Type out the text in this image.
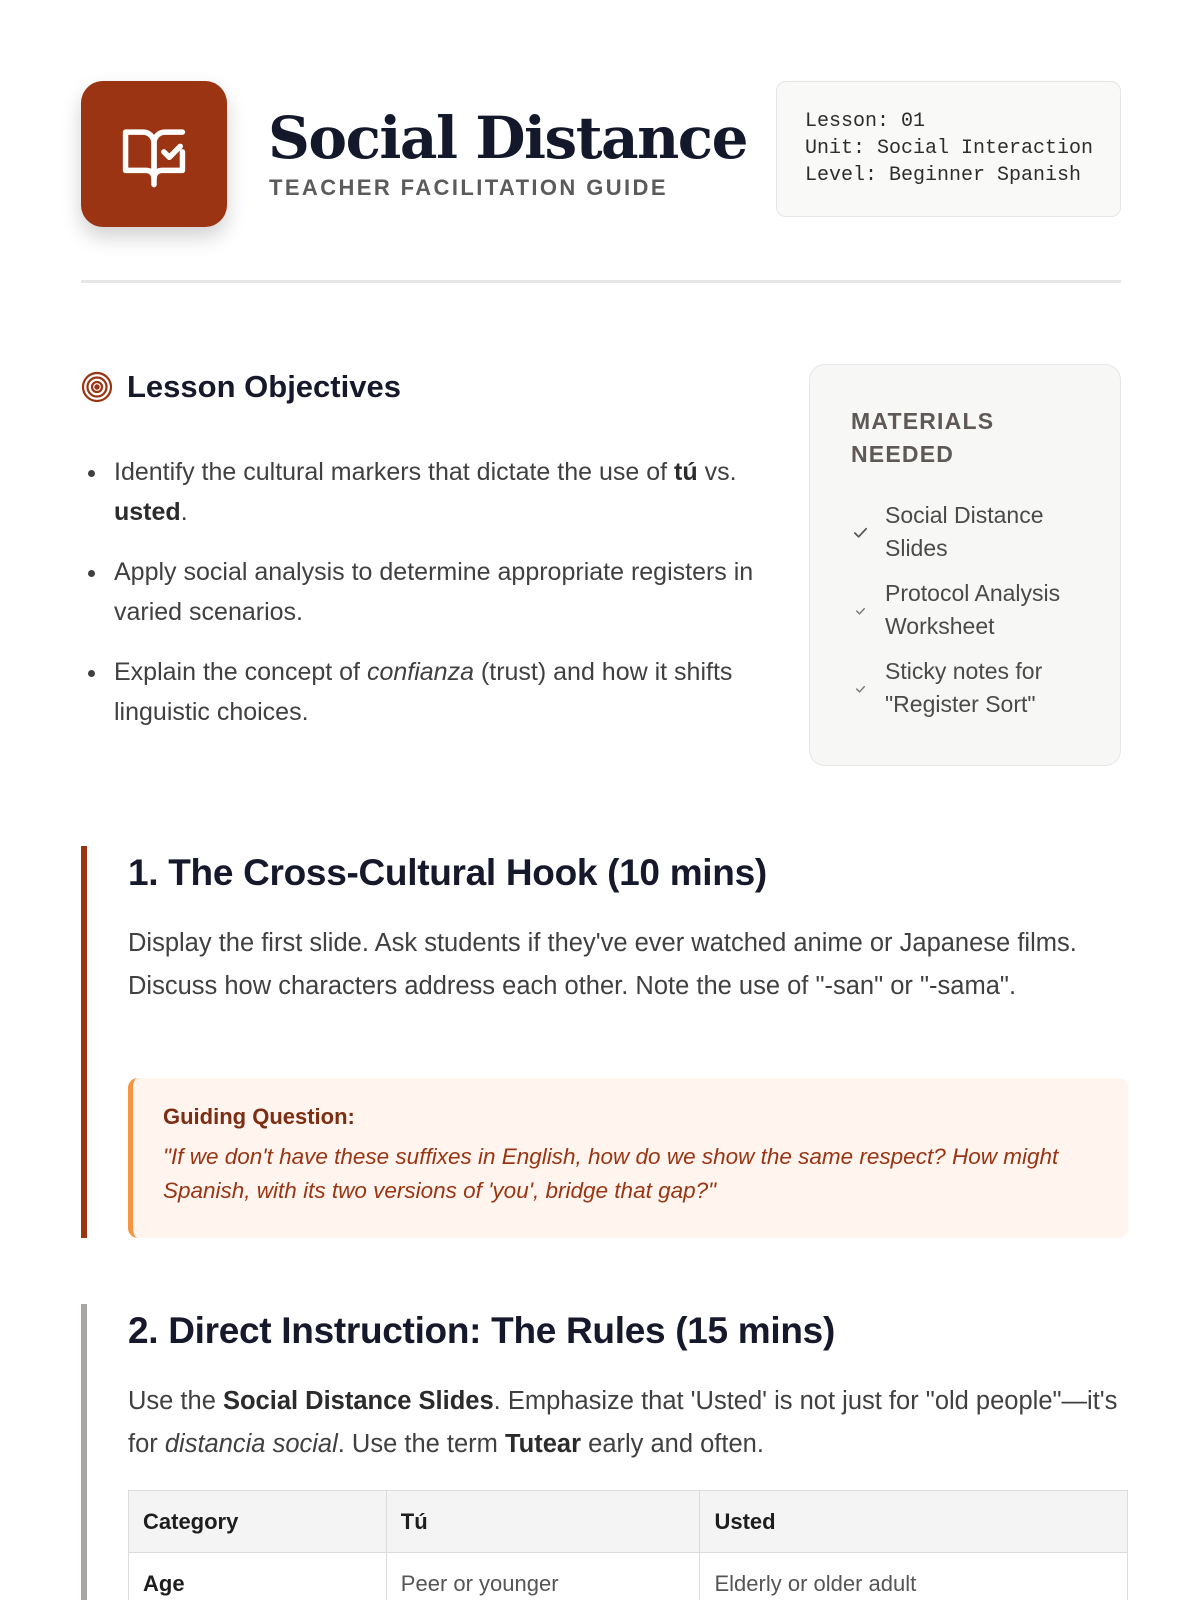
Social Distance
TEACHER FACILITATION GUIDE
Lesson: 01
Unit: Social Interaction
Level: Beginner Spanish
Lesson Objectives
Identify the cultural markers that dictate the use of tú vs. usted.
Apply social analysis to determine appropriate registers in varied scenarios.
Explain the concept of confianza (trust) and how it shifts linguistic choices.
MATERIALS NEEDED
Social Distance Slides
Protocol Analysis Worksheet
Sticky notes for "Register Sort"
1. The Cross-Cultural Hook (10 mins)
Display the first slide. Ask students if they've ever watched anime or Japanese films. Discuss how characters address each other. Note the use of "-san" or "-sama".
Guiding Question:
"If we don't have these suffixes in English, how do we show the same respect? How might Spanish, with its two versions of 'you', bridge that gap?"
2. Direct Instruction: The Rules (15 mins)
Use the Social Distance Slides. Emphasize that 'Usted' is not just for "old people"—it's for distancia social. Use the term Tutear early and often.
Category	Tú	Usted
Age	Peer or younger	Elderly or older adult
